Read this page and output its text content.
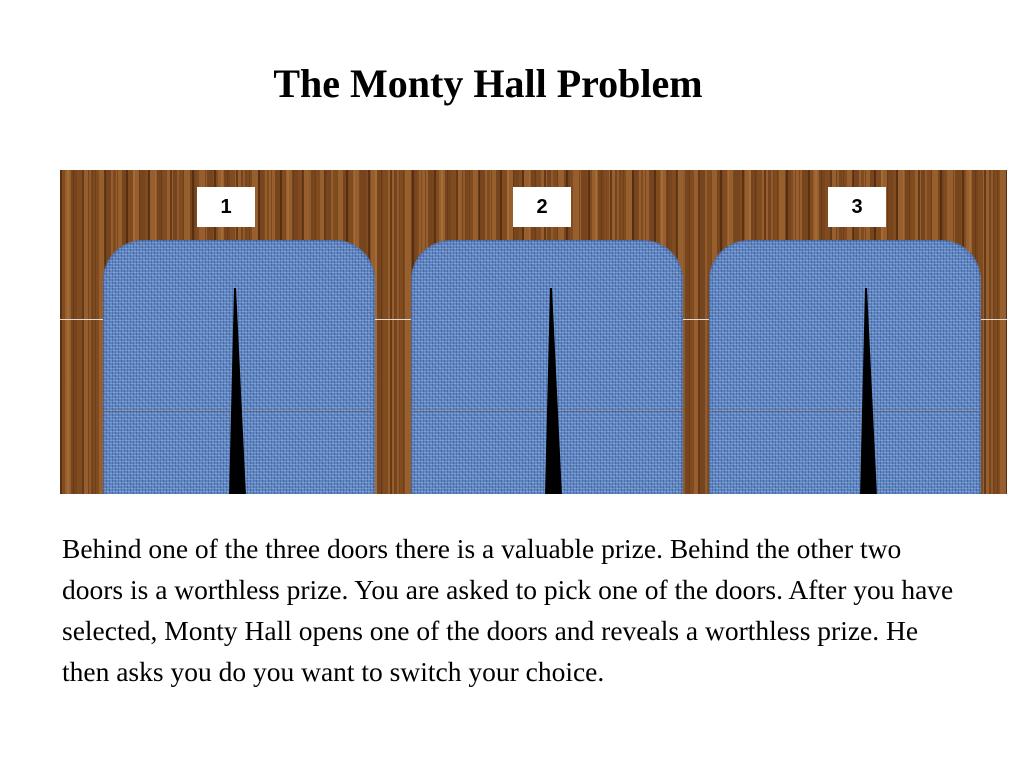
The Monty Hall Problem
1	2	3

Behind one of the three doors there is a valuable prize. Behind the other two doors is a worthless prize. You are asked to pick one of the doors. After you have selected, Monty Hall opens one of the doors and reveals a worthless prize. He then asks you do you want to switch your choice.
